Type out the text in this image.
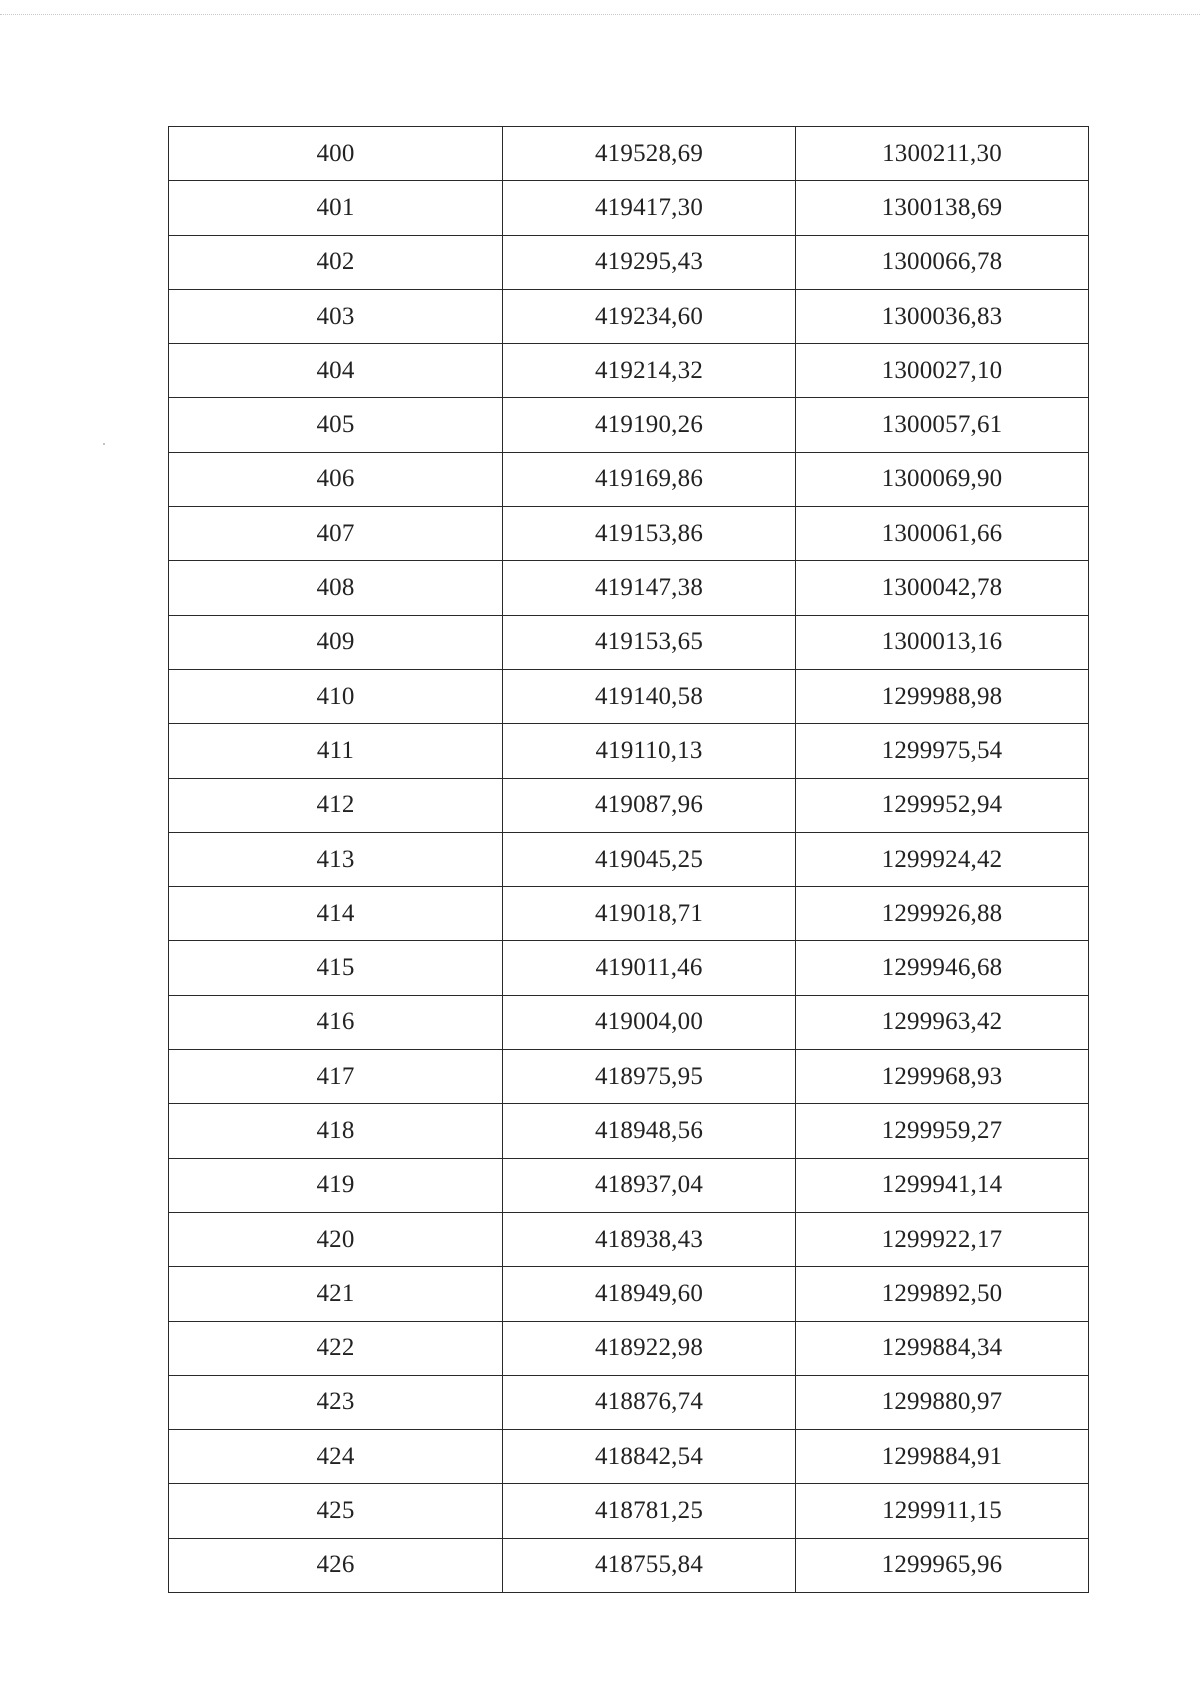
400	419528,69	1300211,30
401	419417,30	1300138,69
402	419295,43	1300066,78
403	419234,60	1300036,83
404	419214,32	1300027,10
405	419190,26	1300057,61
406	419169,86	1300069,90
407	419153,86	1300061,66
408	419147,38	1300042,78
409	419153,65	1300013,16
410	419140,58	1299988,98
411	419110,13	1299975,54
412	419087,96	1299952,94
413	419045,25	1299924,42
414	419018,71	1299926,88
415	419011,46	1299946,68
416	419004,00	1299963,42
417	418975,95	1299968,93
418	418948,56	1299959,27
419	418937,04	1299941,14
420	418938,43	1299922,17
421	418949,60	1299892,50
422	418922,98	1299884,34
423	418876,74	1299880,97
424	418842,54	1299884,91
425	418781,25	1299911,15
426	418755,84	1299965,96
